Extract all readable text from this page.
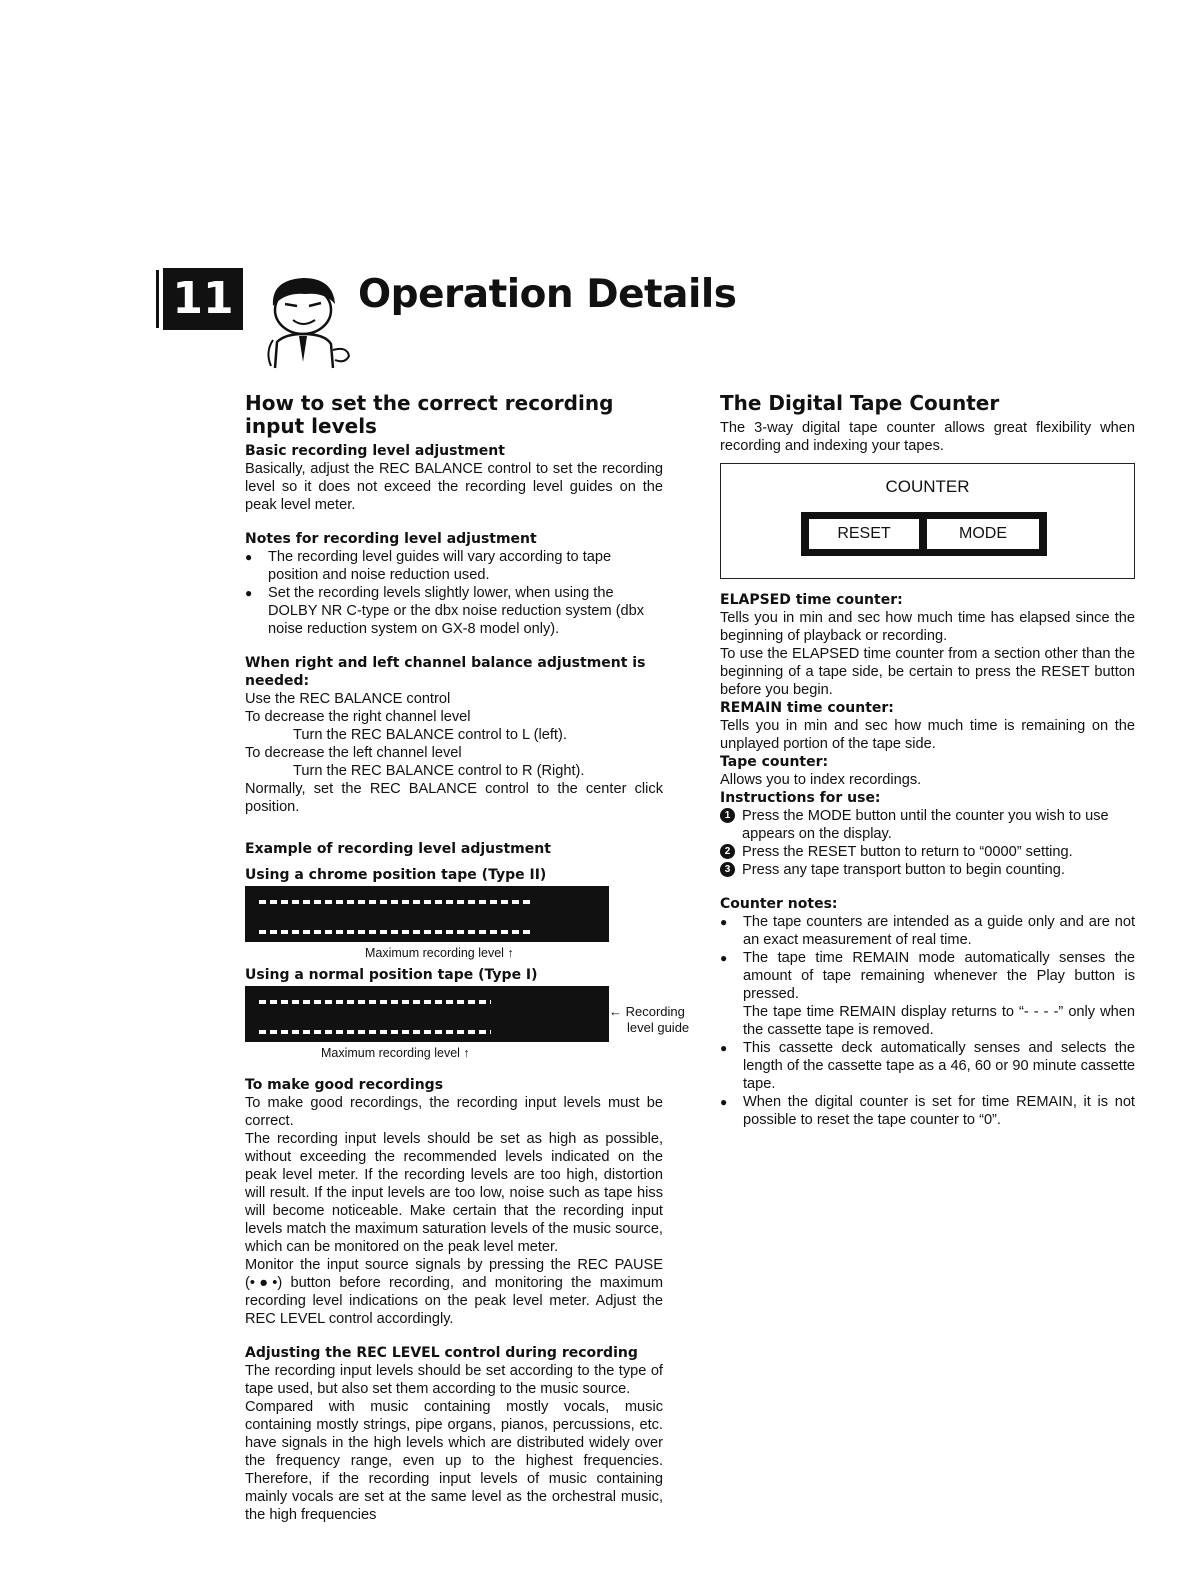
11	Operation Details
How to set the correct recording input levels
Basic recording level adjustment

Basically, adjust the REC BALANCE control to set the recording level so it does not exceed the recording level guides on the peak level meter.

Notes for recording level adjustment
● The recording level guides will vary according to tape position and noise reduction used.
● Set the recording levels slightly lower, when using the DOLBY NR C-type or the dbx noise reduction system (dbx noise reduction system on GX-8 model only).
When right and left channel balance adjustment is needed:

Use the REC BALANCE control

To decrease the right channel level

Turn the REC BALANCE control to L (left).

To decrease the left channel level

Turn the REC BALANCE control to R (Right).

Normally, set the REC BALANCE control to the center click position.

Example of recording level adjustment
Using a chrome position tape (Type II)
Maximum recording level ↑
Using a normal position tape (Type I)
← Recording
level guide
Maximum recording level ↑
To make good recordings

To make good recordings, the recording input levels must be correct.

The recording input levels should be set as high as possible, without exceeding the recommended levels indicated on the peak level meter. If the recording levels are too high, distortion will result. If the input levels are too low, noise such as tape hiss will become noticeable. Make certain that the recording input levels match the maximum saturation levels of the music source, which can be monitored on the peak level meter.

Monitor the input source signals by pressing the REC PAUSE (•●•) button before recording, and monitoring the maximum recording level indications on the peak level meter. Adjust the REC LEVEL control accordingly.

Adjusting the REC LEVEL control during recording

The recording input levels should be set according to the type of tape used, but also set them according to the music source.

Compared with music containing mostly vocals, music containing mostly strings, pipe organs, pianos, percussions, etc. have signals in the high levels which are distributed widely over the frequency range, even up to the highest frequencies. Therefore, if the recording input levels of music containing mainly vocals are set at the same level as the orchestral music, the high frequencies

The Digital Tape Counter

The 3-way digital tape counter allows great flexibility when recording and indexing your tapes.

COUNTER
RESET	MODE
ELAPSED time counter:

Tells you in min and sec how much time has elapsed since the beginning of playback or recording.

To use the ELAPSED time counter from a section other than the beginning of a tape side, be certain to press the RESET button before you begin.

REMAIN time counter:

Tells you in min and sec how much time is remaining on the unplayed portion of the tape side.

Tape counter:

Allows you to index recordings.

Instructions for use:
1 Press the MODE button until the counter you wish to use appears on the display.
2 Press the RESET button to return to “0000” setting.
3 Press any tape transport button to begin counting.
Counter notes:
● The tape counters are intended as a guide only and are not an exact measurement of real time.
● The tape time REMAIN mode automatically senses the amount of tape remaining whenever the Play button is pressed.
The tape time REMAIN display returns to “- - - -” only when the cassette tape is removed.
● This cassette deck automatically senses and selects the length of the cassette tape as a 46, 60 or 90 minute cassette tape.
● When the digital counter is set for time REMAIN, it is not possible to reset the tape counter to “0”.
